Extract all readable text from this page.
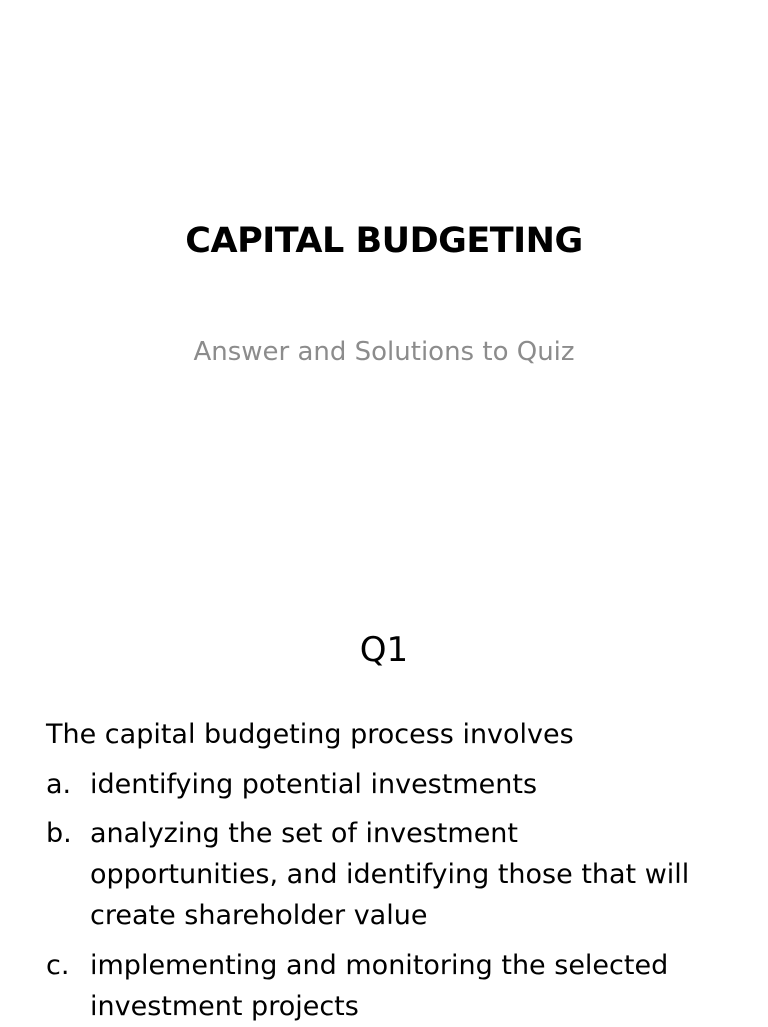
CAPITAL BUDGETING
Answer and Solutions to Quiz
Q1
The capital budgeting process involves
a. identifying potential investments
b. analyzing the set of investment
opportunities, and identifying those that will
create shareholder value
c. implementing and monitoring the selected
investment projects
